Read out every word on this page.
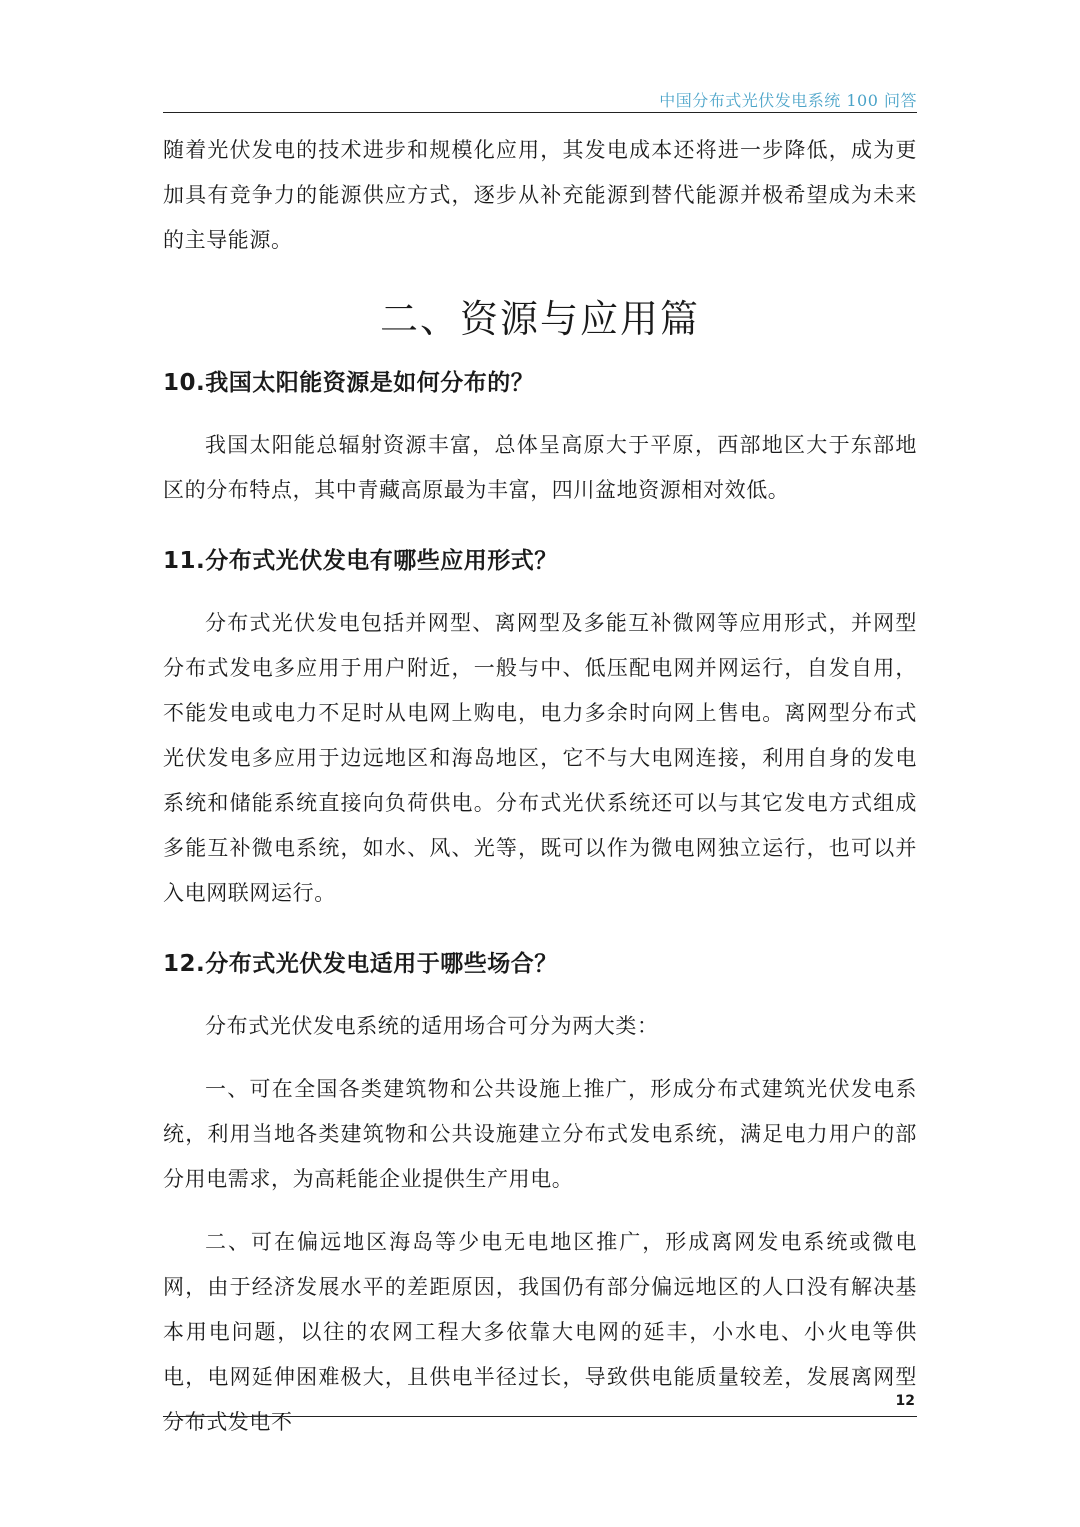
中国分布式光伏发电系统 100 问答

随着光伏发电的技术进步和规模化应用，其发电成本还将进一步降低，成为更加具有竞争力的能源供应方式，逐步从补充能源到替代能源并极希望成为未来的主导能源。

二、资源与应用篇
10.我国太阳能资源是如何分布的？

我国太阳能总辐射资源丰富，总体呈高原大于平原，西部地区大于东部地区的分布特点，其中青藏高原最为丰富，四川盆地资源相对效低。

11.分布式光伏发电有哪些应用形式？

分布式光伏发电包括并网型、离网型及多能互补微网等应用形式，并网型分布式发电多应用于用户附近，一般与中、低压配电网并网运行，自发自用，不能发电或电力不足时从电网上购电，电力多余时向网上售电。离网型分布式光伏发电多应用于边远地区和海岛地区，它不与大电网连接，利用自身的发电系统和储能系统直接向负荷供电。分布式光伏系统还可以与其它发电方式组成多能互补微电系统，如水、风、光等，既可以作为微电网独立运行，也可以并入电网联网运行。

12.分布式光伏发电适用于哪些场合？

分布式光伏发电系统的适用场合可分为两大类：

一、可在全国各类建筑物和公共设施上推广，形成分布式建筑光伏发电系统，利用当地各类建筑物和公共设施建立分布式发电系统，满足电力用户的部分用电需求，为高耗能企业提供生产用电。

二、可在偏远地区海岛等少电无电地区推广，形成离网发电系统或微电网，由于经济发展水平的差距原因，我国仍有部分偏远地区的人口没有解决基本用电问题，以往的农网工程大多依靠大电网的延丰，小水电、小火电等供电，电网延伸困难极大，且供电半径过长，导致供电能质量较差，发展离网型分布式发电不

12
